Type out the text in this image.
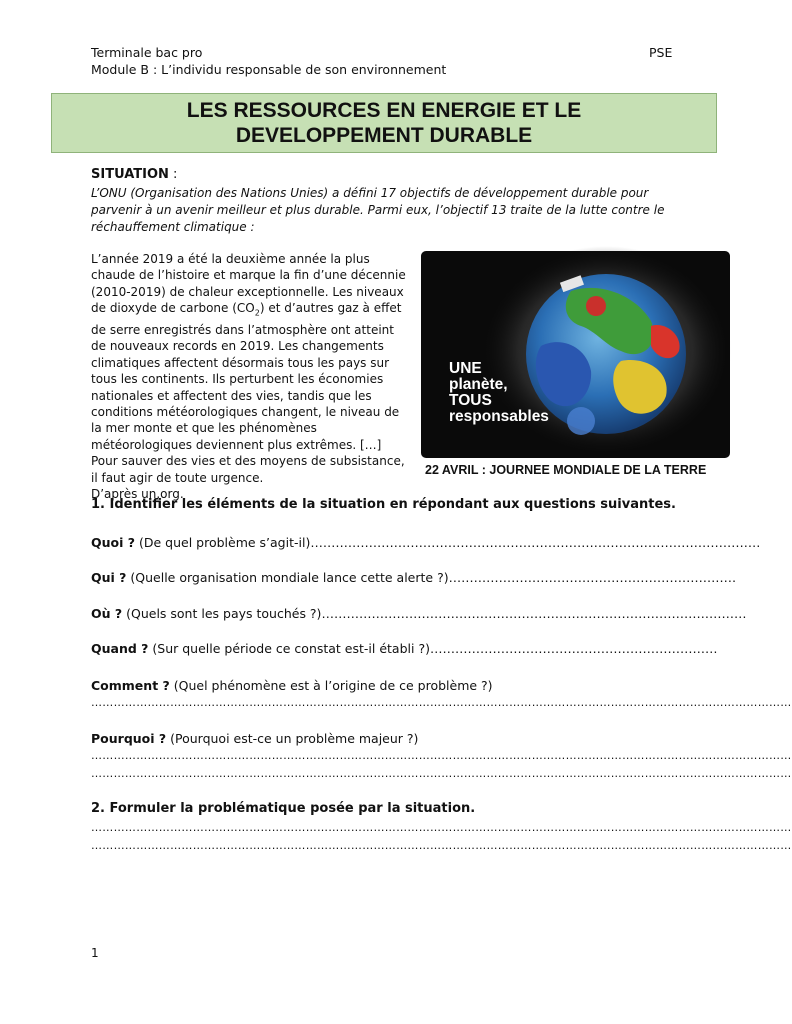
Terminale bac pro
Module B : L’individu responsable de son environnement
PSE
LES RESSOURCES EN ENERGIE ET LE
DEVELOPPEMENT DURABLE
SITUATION :
L’ONU (Organisation des Nations Unies) a défini 17 objectifs de développement durable pour parvenir à un avenir meilleur et plus durable. Parmi eux, l’objectif 13 traite de la lutte contre le réchauffement climatique :
L’année 2019 a été la deuxième année la plus chaude de l’histoire et marque la fin d’une décennie (2010-2019) de chaleur exceptionnelle. Les niveaux de dioxyde de carbone $(CO_2)$ et d’autres gaz à effet de serre enregistrés dans l’atmosphère ont atteint de nouveaux records en 2019. Les changements climatiques affectent désormais tous les pays sur tous les continents. Ils perturbent les économies nationales et affectent des vies, tandis que les conditions météorologiques changent, le niveau de la mer monte et que les phénomènes météorologiques deviennent plus extrêmes. […] Pour sauver des vies et des moyens de subsistance, il faut agir de toute urgence.
D’après un.org.
UNE
planète,
TOUS
responsables
22 AVRIL : JOURNEE MONDIALE DE LA TERRE
1. Identifier les éléments de la situation en répondant aux questions suivantes.
Quoi ? (De quel problème s’agit-il)………………………………………………………………………………………………
Qui ? (Quelle organisation mondiale lance cette alerte ?)……………………………………………………………
Où ? (Quels sont les pays touchés ?)…………………………………………………………………………………………
Quand ? (Sur quelle période ce constat est-il établi ?)……………………………………………………………
Comment ? (Quel phénomène est à l’origine de ce problème ?)
……………………………………………………………………………………………………………………………………………………………………
Pourquoi ? (Pourquoi est-ce un problème majeur ?)
……………………………………………………………………………………………………………………………………………………………………
……………………………………………………………………………………………………………………………………………………………………
2. Formuler la problématique posée par la situation.
……………………………………………………………………………………………………………………………………………………………………
……………………………………………………………………………………………………………………………………………………………………
1
